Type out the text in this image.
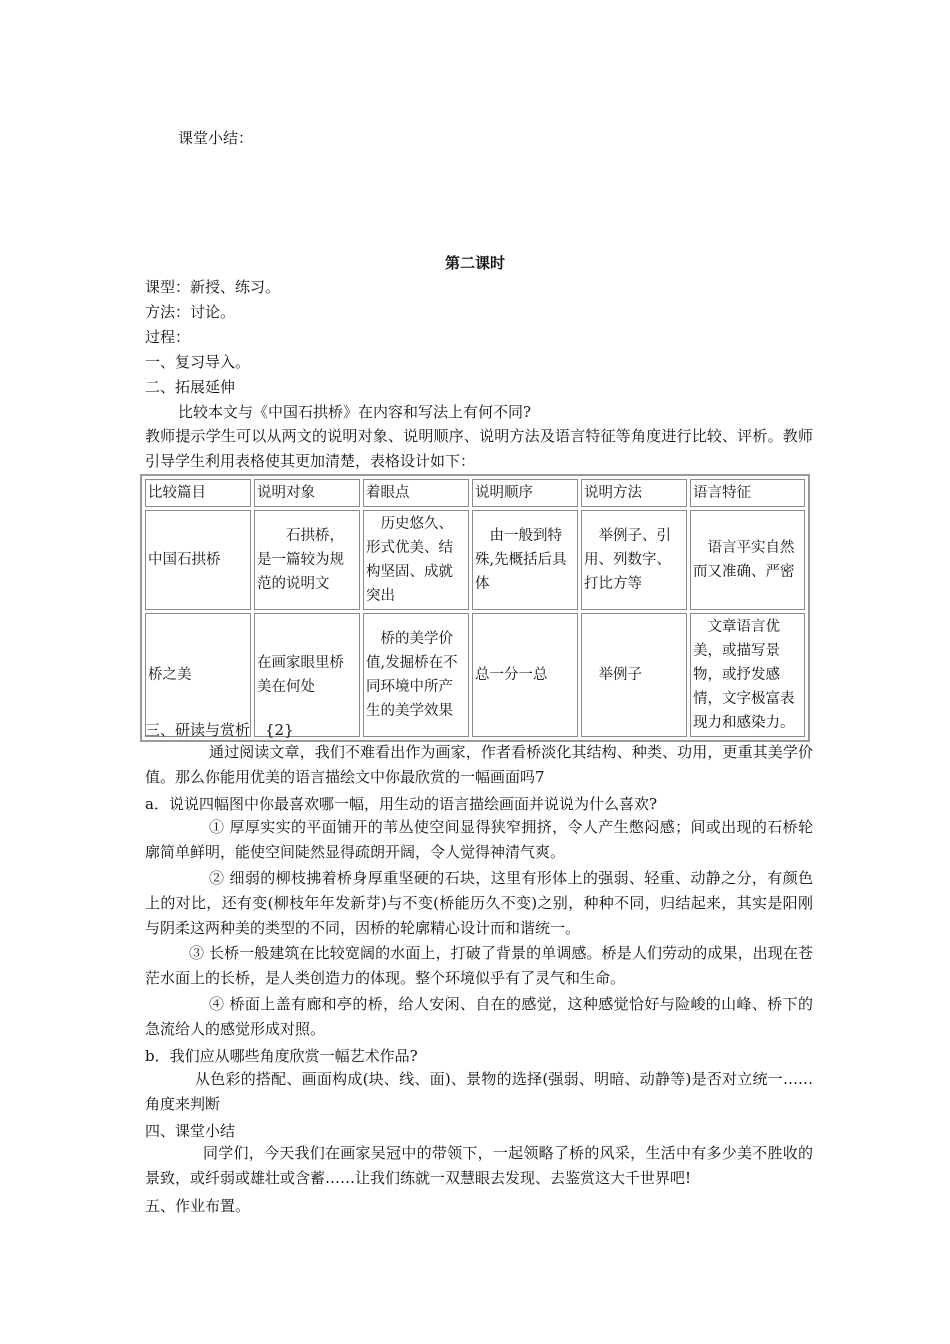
课堂小结：
第二课时
课型：新授、练习。
方法：讨论。
过程：
一、复习导入。
二、拓展延伸
比较本文与《中国石拱桥》在内容和写法上有何不同?
教师提示学生可以从两文的说明对象、说明顺序、说明方法及语言特征等角度进行比较、评析。教师引导学生利用表格使其更加清楚，表格设计如下：
比较篇目	说明对象	着眼点	说明顺序	说明方法	语言特征
中国石拱桥	　　石拱桥，是一篇较为规范的说明文	　历史悠久、形式优美、结构坚固、成就突出	　由一般到特殊,先概括后具体	　举例子、引用、列数字、打比方等	　语言平实自然而又准确、严密
桥之美	在画家眼里桥美在何处	　桥的美学价值,发掘桥在不同环境中所产生的美学效果	总一分一总	　举例子	　文章语言优美，或描写景物，或抒发感情，文字极富表现力和感染力。
三、研读与赏析　{2}
通过阅读文章，我们不难看出作为画家，作者看桥淡化其结构、种类、功用，更重其美学价值。那么你能用优美的语言描绘文中你最欣赏的一幅画面吗7
a．说说四幅图中你最喜欢哪一幅，用生动的语言描绘画面并说说为什么喜欢?
① 厚厚实实的平面铺开的苇丛使空间显得狭窄拥挤，令人产生憋闷感；间或出现的石桥轮廓简单鲜明，能使空间陡然显得疏朗开阔，令人觉得神清气爽。
② 细弱的柳枝拂着桥身厚重坚硬的石块，这里有形体上的强弱、轻重、动静之分，有颜色上的对比，还有变(柳枝年年发新芽)与不变(桥能历久不变)之别，种种不同，归结起来，其实是阳刚与阴柔这两种美的类型的不同，因桥的轮廓精心设计而和谐统一。
③ 长桥一般建筑在比较宽阔的水面上，打破了背景的单调感。桥是人们劳动的成果，出现在苍茫水面上的长桥，是人类创造力的体现。整个环境似乎有了灵气和生命。
④ 桥面上盖有廊和亭的桥，给人安闲、自在的感觉，这种感觉恰好与险峻的山峰、桥下的急流给人的感觉形成对照。
b．我们应从哪些角度欣赏一幅艺术作品?
从色彩的搭配、画面构成(块、线、面)、景物的选择(强弱、明暗、动静等)是否对立统一……角度来判断
四、课堂小结
同学们，今天我们在画家吴冠中的带领下，一起领略了桥的风采，生活中有多少美不胜收的景致，或纤弱或雄壮或含蓄……让我们练就一双慧眼去发现、去鉴赏这大千世界吧!
五、作业布置。
